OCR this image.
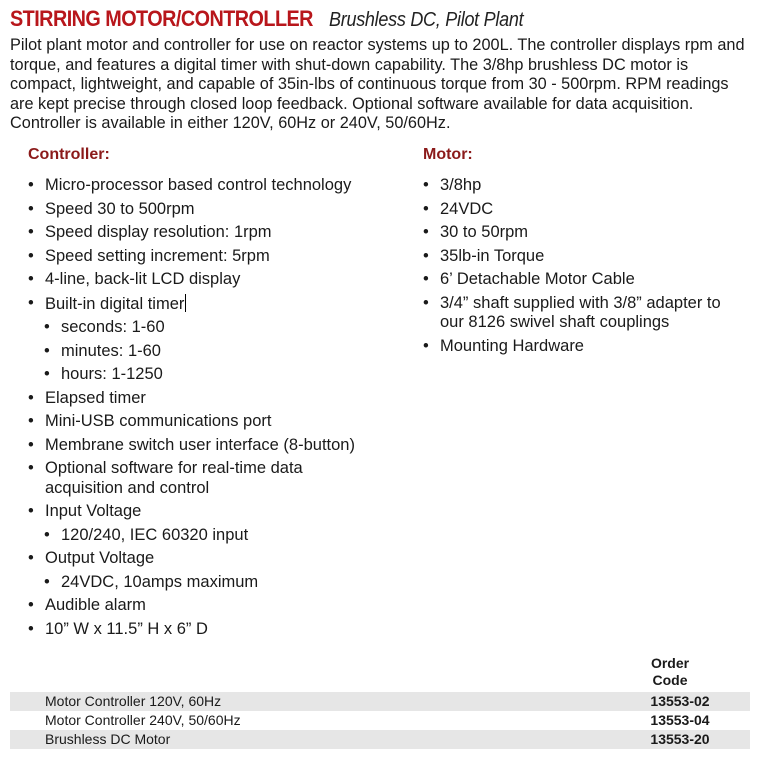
STIRRING MOTOR/CONTROLLER Brushless DC, Pilot Plant

Pilot plant motor and controller for use on reactor systems up to 200L. The controller displays rpm and torque, and features a digital timer with shut-down capability. The 3/8hp brushless DC motor is compact, lightweight, and capable of 35in-lbs of continuous torque from 30 - 500rpm. RPM readings are kept precise through closed loop feedback. Optional software available for data acquisition. Controller is available in either 120V, 60Hz or 240V, 50/60Hz.

Controller:	Motor:
• Micro-processor based control technology
• Speed 30 to 500rpm
• Speed display resolution: 1rpm
• Speed setting increment: 5rpm
• 4-line, back-lit LCD display
• Built-in digital timer
• seconds: 1-60
• minutes: 1-60
• hours: 1-1250
• Elapsed timer
• Mini-USB communications port
• Membrane switch user interface (8-button)
• Optional software for real-time data acquisition and control
• Input Voltage
• 120/240, IEC 60320 input
• Output Voltage
• 24VDC, 10amps maximum
• Audible alarm
• 10” W x 11.5” H x 6” D
• 3/8hp
• 24VDC
• 30 to 50rpm
• 35lb-in Torque
• 6’ Detachable Motor Cable
• 3/4” shaft supplied with 3/8” adapter to our 8126 swivel shaft couplings
• Mounting Hardware
Order
Code
Motor Controller 120V, 60Hz	13553-02
Motor Controller 240V, 50/60Hz	13553-04
Brushless DC Motor	13553-20
